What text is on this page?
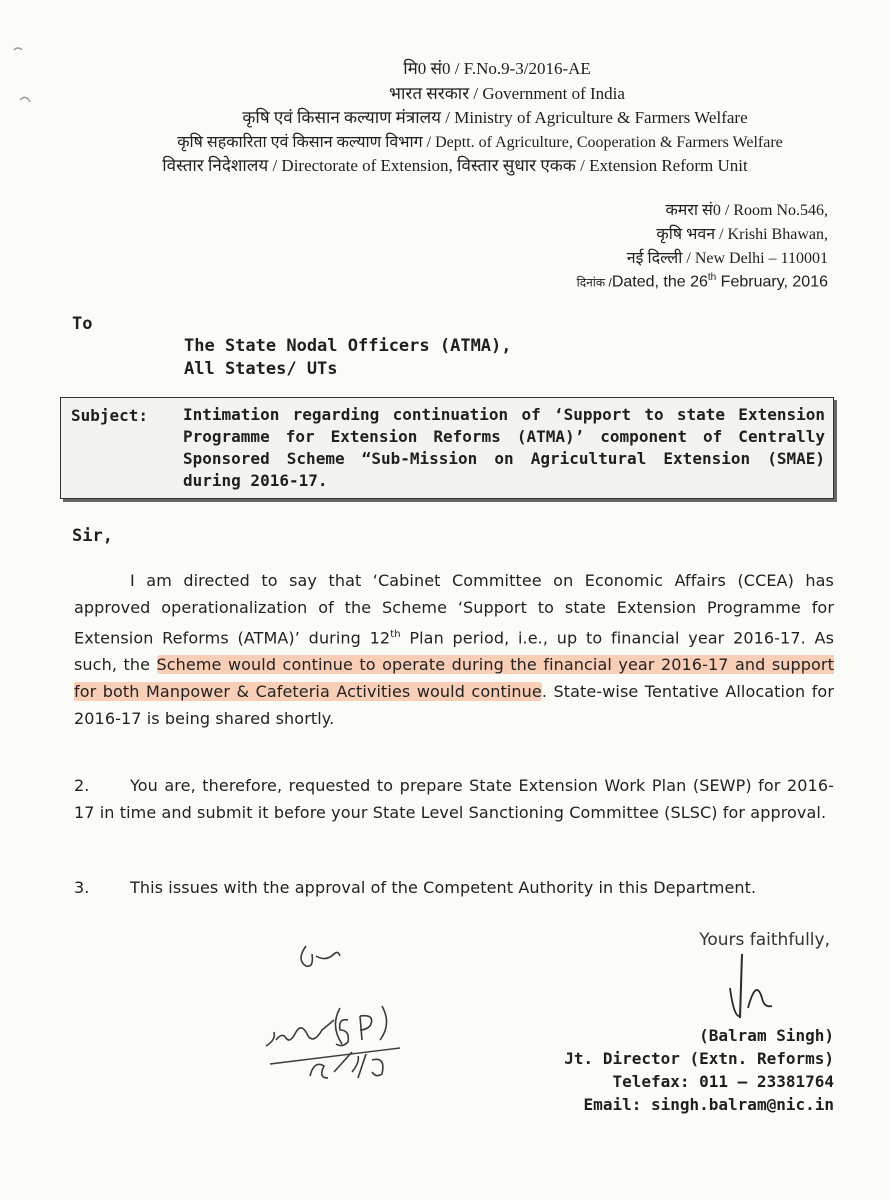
मि0 सं0 / F.No.9-3/2016-AE
भारत सरकार / Government of India
कृषि एवं किसान कल्याण मंत्रालय / Ministry of Agriculture & Farmers Welfare
कृषि सहकारिता एवं किसान कल्याण विभाग / Deptt. of Agriculture, Cooperation & Farmers Welfare
विस्तार निदेशालय / Directorate of Extension, विस्तार सुधार एकक / Extension Reform Unit
कमरा सं0 / Room No.546,
कृषि भवन / Krishi Bhawan,
नई दिल्ली / New Delhi – 110001
दिनांक /Dated, the 26th February, 2016
To
The State Nodal Officers (ATMA),
All States/ UTs
Subject: Intimation regarding continuation of ‘Support to state Extension Programme for Extension Reforms (ATMA)’ component of Centrally Sponsored Scheme “Sub-Mission on Agricultural Extension (SMAE) during 2016-17.
Sir,
I am directed to say that ‘Cabinet Committee on Economic Affairs (CCEA) has approved operationalization of the Scheme ‘Support to state Extension Programme for Extension Reforms (ATMA)’ during 12th Plan period, i.e., up to financial year 2016-17. As such, the Scheme would continue to operate during the financial year 2016-17 and support for both Manpower & Cafeteria Activities would continue. State-wise Tentative Allocation for 2016-17 is being shared shortly.
2.	You are, therefore, requested to prepare State Extension Work Plan (SEWP) for 2016-17 in time and submit it before your State Level Sanctioning Committee (SLSC) for approval.
3.	This issues with the approval of the Competent Authority in this Department.
Yours faithfully,
(Balram Singh)
Jt. Director (Extn. Reforms)
Telefax: 011 – 23381764
Email: singh.balram@nic.in
